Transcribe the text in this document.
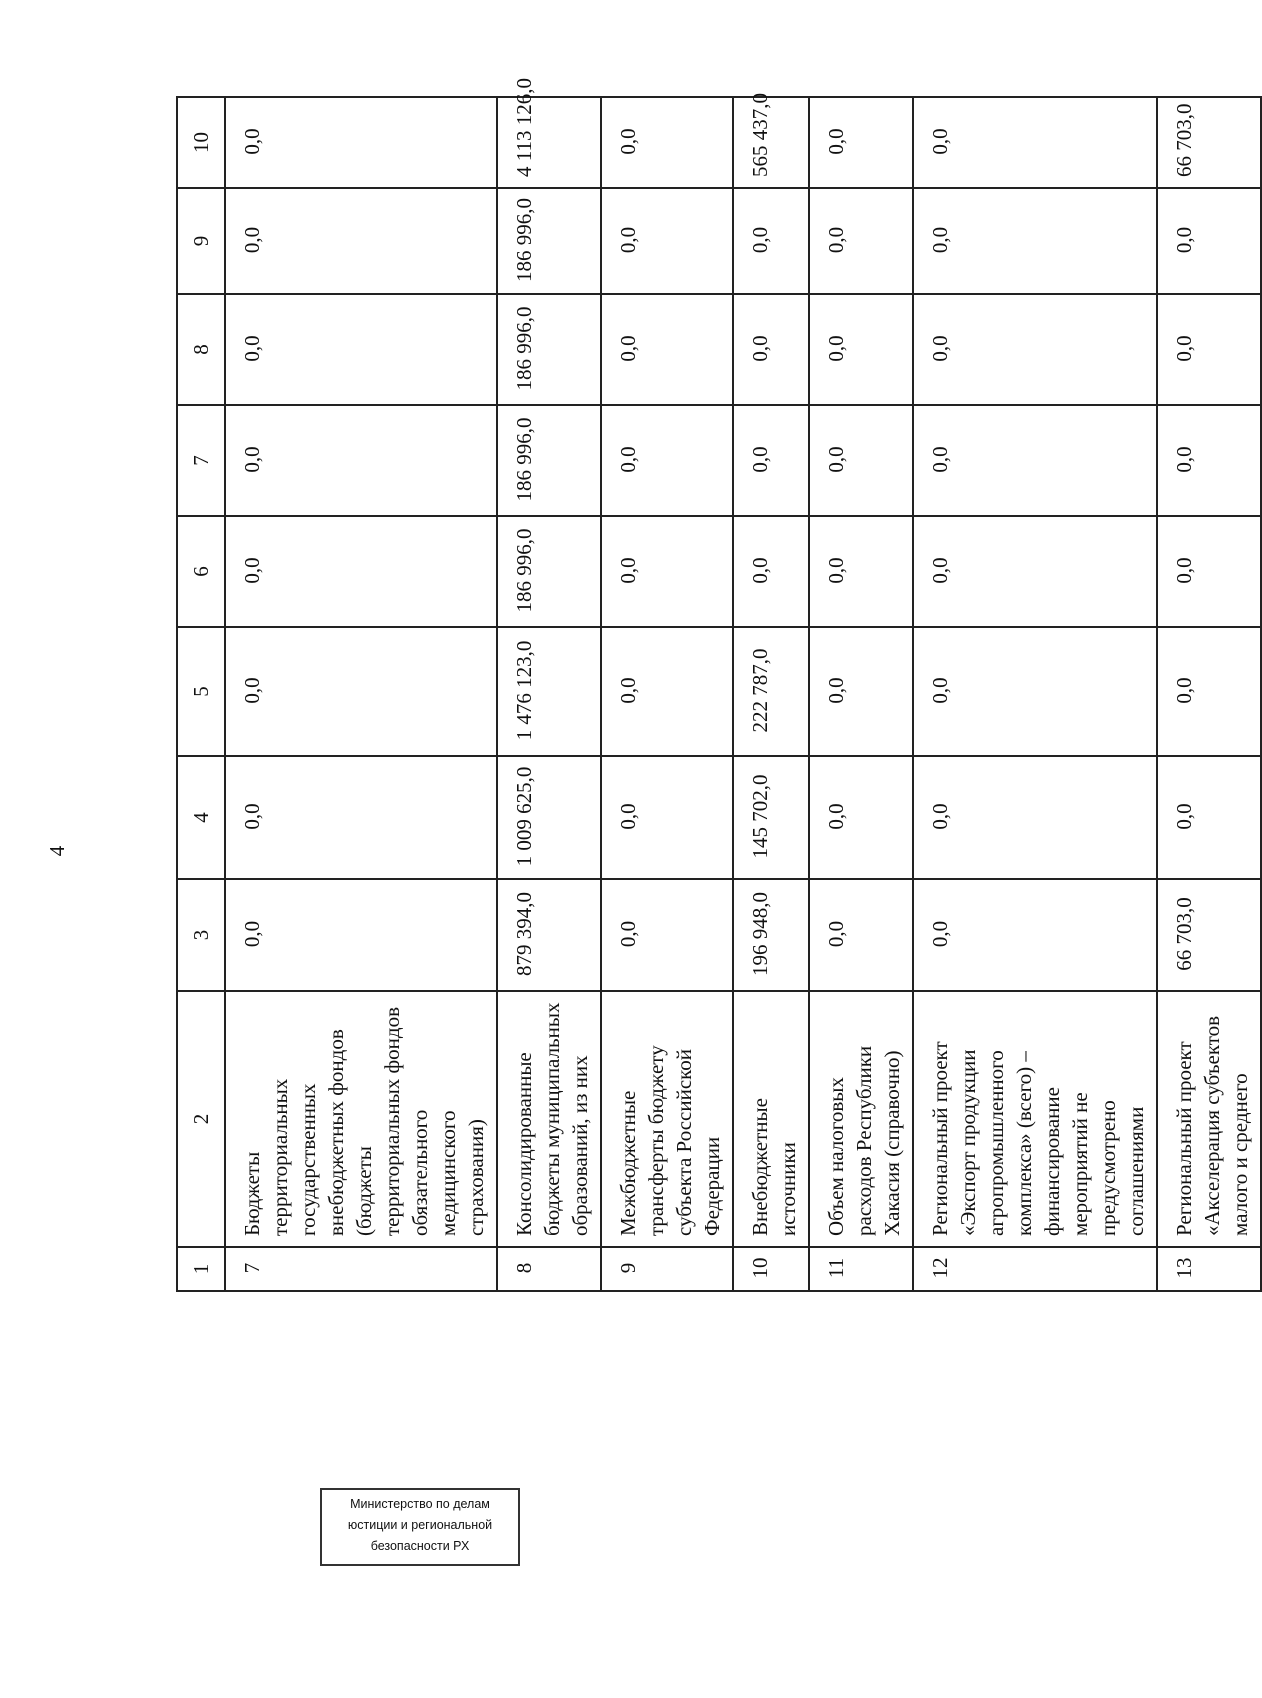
4
1	2	3	4	5	6	7	8	9	10
7	Бюджеты территориальных государственных внебюджетных фондов (бюджеты территориальных фондов обязательного медицинского страхования)	0,0	0,0	0,0	0,0	0,0	0,0	0,0	0,0
8	Консолидированные бюджеты муниципальных образований, из них	879 394,0	1 009 625,0	1 476 123,0	186 996,0	186 996,0	186 996,0	186 996,0	4 113 126,0
9	Межбюджетные трансферты бюджету субъекта Российской Федерации	0,0	0,0	0,0	0,0	0,0	0,0	0,0	0,0
10	Внебюджетные источники	196 948,0	145 702,0	222 787,0	0,0	0,0	0,0	0,0	565 437,0
11	Объем налоговых расходов Республики Хакасия (справочно)	0,0	0,0	0,0	0,0	0,0	0,0	0,0	0,0
12	Региональный проект «Экспорт продукции агропромышленного комплекса» (всего) – финансирование мероприятий не предусмотрено соглашениями	0,0	0,0	0,0	0,0	0,0	0,0	0,0	0,0
13	Региональный проект «Акселерация субъектов малого и среднего	66 703,0	0,0	0,0	0,0	0,0	0,0	0,0	66 703,0
Министерство по делам
юстиции и региональной
безопасности РХ
